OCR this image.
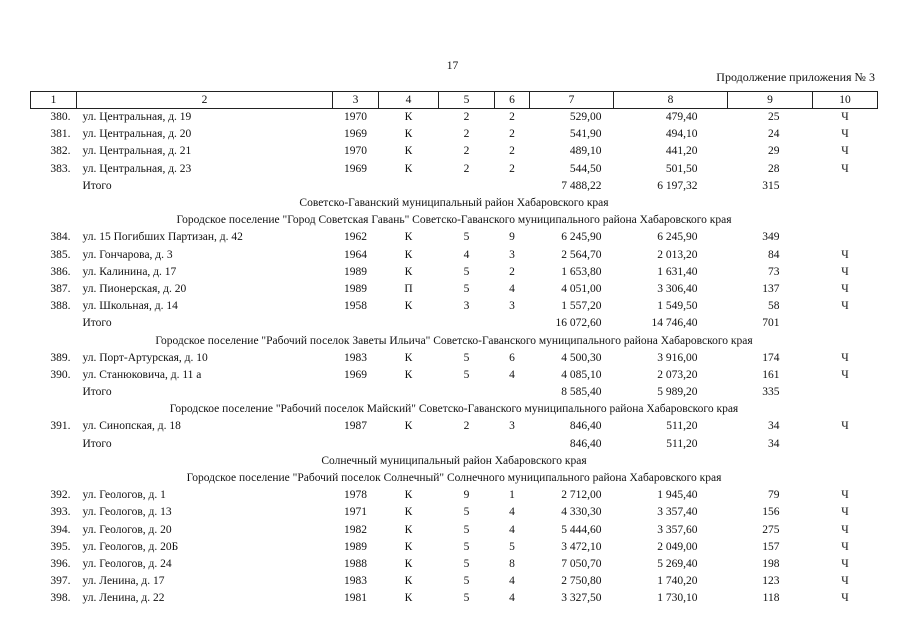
17
Продолжение приложения № 3
1	2	3	4	5	6	7	8	9	10
380.	ул. Центральная, д. 19	1970	К	2	2	529,00	479,40	25	Ч
381.	ул. Центральная, д. 20	1969	К	2	2	541,90	494,10	24	Ч
382.	ул. Центральная, д. 21	1970	К	2	2	489,10	441,20	29	Ч
383.	ул. Центральная, д. 23	1969	К	2	2	544,50	501,50	28	Ч
	Итого					7 488,22	6 197,32	315	
Советско-Гаванский муниципальный район Хабаровского края									
Городское поселение "Город Советская Гавань" Советско-Гаванского муниципального района Хабаровского края									
384.	ул. 15 Погибших Партизан, д. 42	1962	К	5	9	6 245,90	6 245,90	349	
385.	ул. Гончарова, д. 3	1964	К	4	3	2 564,70	2 013,20	84	Ч
386.	ул. Калинина, д. 17	1989	К	5	2	1 653,80	1 631,40	73	Ч
387.	ул. Пионерская, д. 20	1989	П	5	4	4 051,00	3 306,40	137	Ч
388.	ул. Школьная, д. 14	1958	К	3	3	1 557,20	1 549,50	58	Ч
	Итого					16 072,60	14 746,40	701	
Городское поселение "Рабочий поселок Заветы Ильича" Советско-Гаванского муниципального района Хабаровского края									
389.	ул. Порт-Артурская, д. 10	1983	К	5	6	4 500,30	3 916,00	174	Ч
390.	ул. Станюковича, д. 11 а	1969	К	5	4	4 085,10	2 073,20	161	Ч
	Итого					8 585,40	5 989,20	335	
Городское поселение "Рабочий поселок Майский" Советско-Гаванского муниципального района Хабаровского края									
391.	ул. Синопская, д. 18	1987	К	2	3	846,40	511,20	34	Ч
	Итого					846,40	511,20	34	
Солнечный муниципальный район Хабаровского края									
Городское поселение "Рабочий поселок Солнечный" Солнечного муниципального района Хабаровского края									
392.	ул. Геологов, д. 1	1978	К	9	1	2 712,00	1 945,40	79	Ч
393.	ул. Геологов, д. 13	1971	К	5	4	4 330,30	3 357,40	156	Ч
394.	ул. Геологов, д. 20	1982	К	5	4	5 444,60	3 357,60	275	Ч
395.	ул. Геологов, д. 20Б	1989	К	5	5	3 472,10	2 049,00	157	Ч
396.	ул. Геологов, д. 24	1988	К	5	8	7 050,70	5 269,40	198	Ч
397.	ул. Ленина, д. 17	1983	К	5	4	2 750,80	1 740,20	123	Ч
398.	ул. Ленина, д. 22	1981	К	5	4	3 327,50	1 730,10	118	Ч
